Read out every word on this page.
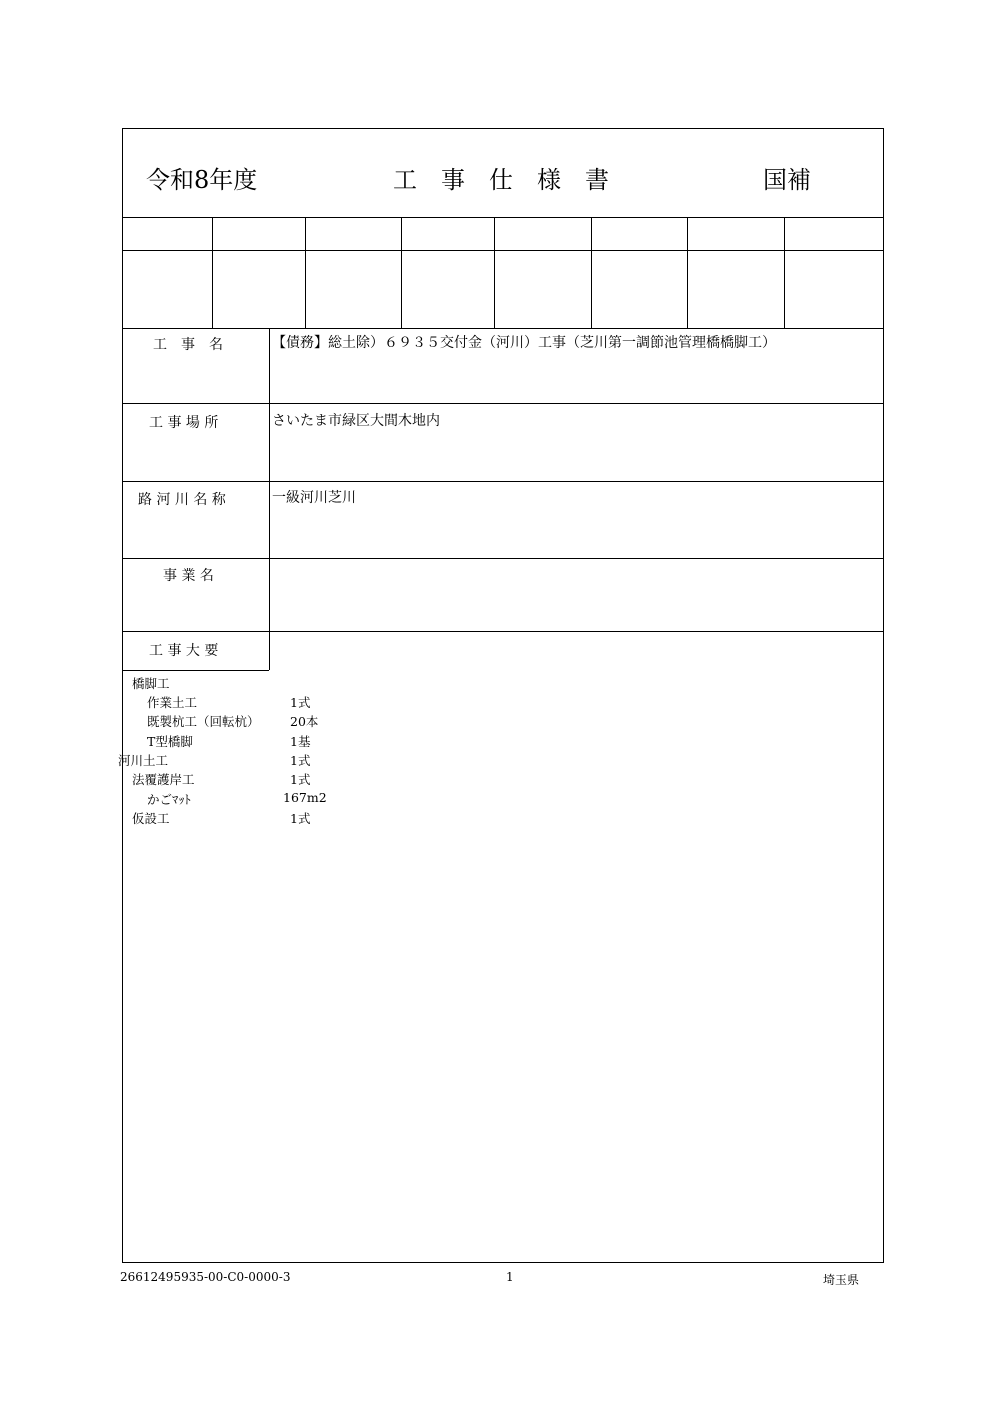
令和8年度	工　事　仕　様　書	国補
工　事　名	【債務】総土除）６９３５交付金（河川）工事（芝川第一調節池管理橋橋脚工）
工 事 場 所	さいたま市緑区大間木地内
路 河 川 名 称	一級河川芝川
事 業 名
工 事 大 要
橋脚工
作業土工	1式
既製杭工（回転杭） 20本
T型橋脚	1基
河川土工	1式
法覆護岸工	1式
かごﾏｯﾄ	167m2
仮設工	1式
26612495935-00-C0-0000-3	1	埼玉県
